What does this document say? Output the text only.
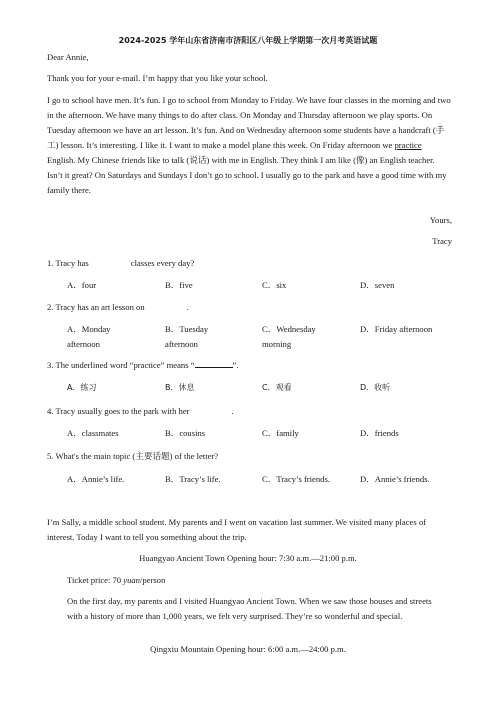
2024-2025 学年山东省济南市济阳区八年级上学期第一次月考英语试题
Dear Annie,
Thank you for your e-mail. I’m happy that you like your school.
I go to school have men. It’s fun. I go to school from Monday to Friday. We have four classes in the morning and two in the afternoon. We have many things to do after class. On Monday and Thursday afternoon we play sports. On Tuesday afternoon we have an art lesson. It’s fun. And on Wednesday afternoon some students have a handcraft (手工) lesson. It’s interesting. I like it. I want to make a model plane this week. On Friday afternoon we practice English. My Chinese friends like to talk (说话) with me in English. They think I am like (像) an English teacher. Isn’t it great? On Saturdays and Sundays I don’t go to school. I usually go to the park and have a good time with my family there.
Yours,
Tracy
1. Tracy has	classes every day?
A．four	B．five	C．six	D．seven
2. Tracy has an art lesson on	.
A．Monday afternoon
B．Tuesday afternoon
C．Wednesday morning
D．Friday afternoon
3. The underlined word “practice” means “	”.
A．练习	B．休息	C．观看	D．收听
4. Tracy usually goes to the park with her	.
A．classmates	B．cousins	C．family	D．friends
5. What's the main topic (主要话题) of the letter?
A．Annie’s life.	B．Tracy’s life.	C．Tracy’s friends.	D．Annie’s friends.
I’m Sally, a middle school student. My parents and I went on vacation last summer. We visited many places of interest. Today I want to tell you something about the trip.
Huangyao Ancient Town Opening hour: 7:30 a.m.—21:00 p.m.
Ticket price: 70 yuan/person
On the first day, my parents and I visited Huangyao Ancient Town. When we saw those houses and streets with a history of more than 1,000 years, we felt very surprised. They’re so wonderful and special.
Qingxiu Mountain Opening hour: 6:00 a.m.—24:00 p.m.
